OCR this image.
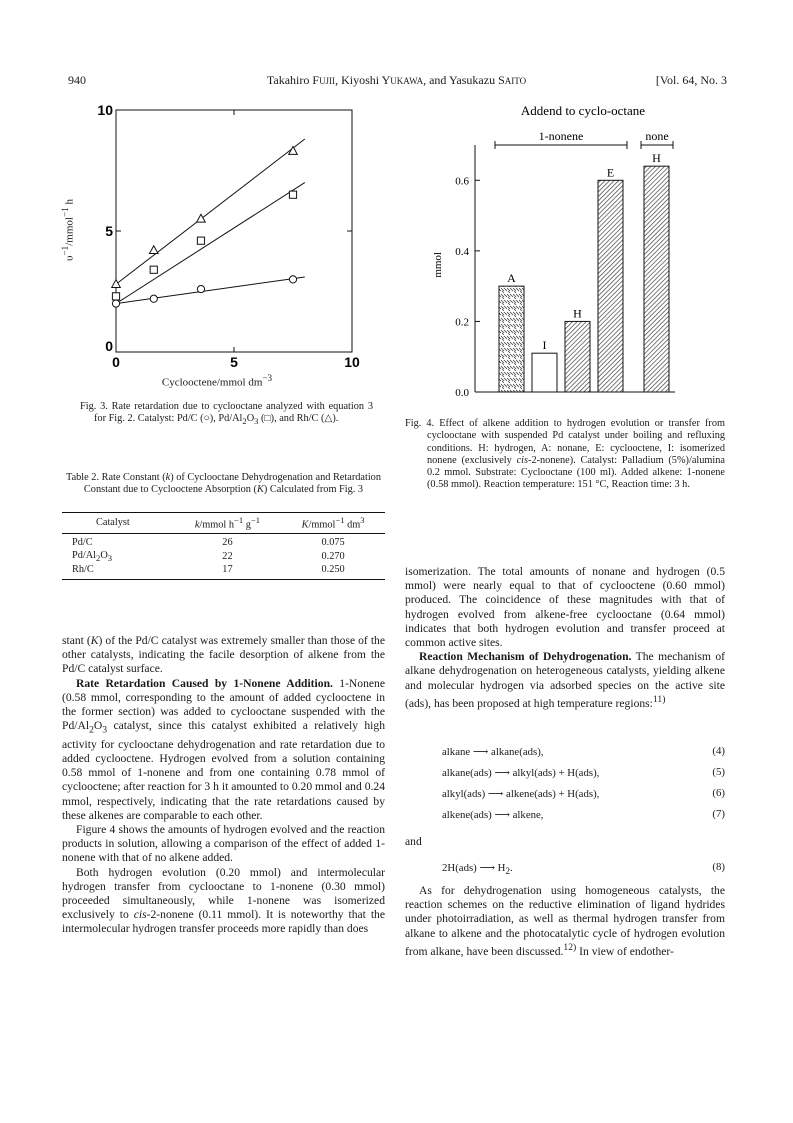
940	Takahiro FUJII, Kiyoshi YUKAWA, and Yasukazu SAITO	[Vol. 64, No. 3
0	5	10
0
5
10
Cyclooctene/mmol $dm^{-3}$
$\upsilon^{-1}/mmol^{-1}$ h
Fig. 3. Rate retardation due to cyclooctane analyzed with equation 3 for Fig. 2. Catalyst: Pd/C (○), $Pd/Al_2O_3$ (□), and Rh/C (△).
Table 2. Rate Constant (k) of Cyclooctane Dehydrogenation and Retardation Constant due to Cyclooctene Absorption (K) Calculated from Fig. 3
Catalyst	k/mmol $h^{-1}$ $g^{-1}$	K/mmol$^{-1}$ $dm^3$
Pd/C	26	0.075
$Pd/Al_2O_3$	22	0.270
Rh/C	17	0.250

stant (K) of the Pd/C catalyst was extremely smaller than those of the other catalysts, indicating the facile desorption of alkene from the Pd/C catalyst surface.

Rate Retardation Caused by 1-Nonene Addition. 1-Nonene (0.58 mmol, corresponding to the amount of added cyclooctene in the former section) was added to cyclooctane suspended with the $Pd/Al_2O_3$ catalyst, since this catalyst exhibited a relatively high activity for cyclooctane dehydrogenation and rate retardation due to added cyclooctene. Hydrogen evolved from a solution containing 0.58 mmol of 1-nonene and from one containing 0.78 mmol of cyclooctene; after reaction for 3 h it amounted to 0.20 mmol and 0.24 mmol, respectively, indicating that the rate retardations caused by these alkenes are comparable to each other.

Figure 4 shows the amounts of hydrogen evolved and the reaction products in solution, allowing a comparison of the effect of added 1-nonene with that of no alkene added.

Both hydrogen evolution (0.20 mmol) and intermolecular hydrogen transfer from cyclooctane to 1-nonene (0.30 mmol) proceeded simultaneously, while 1-nonene was isomerized exclusively to cis-2-nonene (0.11 mmol). It is noteworthy that the intermolecular hydrogen transfer proceeds more rapidly than does

Addend to cyclo-octane
0.0
0.2
0.4
0.6
mmol
A
I
H
E
H
1-nonene	none
Fig. 4. Effect of alkene addition to hydrogen evolution or transfer from cyclooctane with suspended Pd catalyst under boiling and refluxing conditions. H: hydrogen, A: nonane, E: cyclooctene, I: isomerized nonene (exclusively cis-2-nonene). Catalyst: Palladium (5%)/alumina 0.2 mmol. Substrate: Cyclooctane (100 ml). Added alkene: 1-nonene (0.58 mmol). Reaction temperature: 151 °C, Reaction time: 3 h.

isomerization. The total amounts of nonane and hydrogen (0.5 mmol) were nearly equal to that of cyclooctene (0.60 mmol) produced. The coincidence of these magnitudes with that of hydrogen evolved from alkene-free cyclooctane (0.64 mmol) indicates that both hydrogen evolution and transfer proceed at common active sites.

Reaction Mechanism of Dehydrogenation. The mechanism of alkane dehydrogenation on heterogeneous catalysts, yielding alkene and molecular hydrogen via adsorbed species on the active site (ads), has been proposed at high temperature regions:$^{11)}$

alkane ⟶ alkane(ads),	(4)
alkane(ads) ⟶ alkyl(ads) + H(ads),	(5)
alkyl(ads) ⟶ alkene(ads) + H(ads),	(6)
alkene(ads) ⟶ alkene,	(7)
and
2H(ads) ⟶ $H_2$.	(8)

As for dehydrogenation using homogeneous catalysts, the reaction schemes on the reductive elimination of ligand hydrides under photoirradiation, as well as thermal hydrogen transfer from alkane to alkene and the photocatalytic cycle of hydrogen evolution from alkane, have been discussed.$^{12)}$ In view of endother-
